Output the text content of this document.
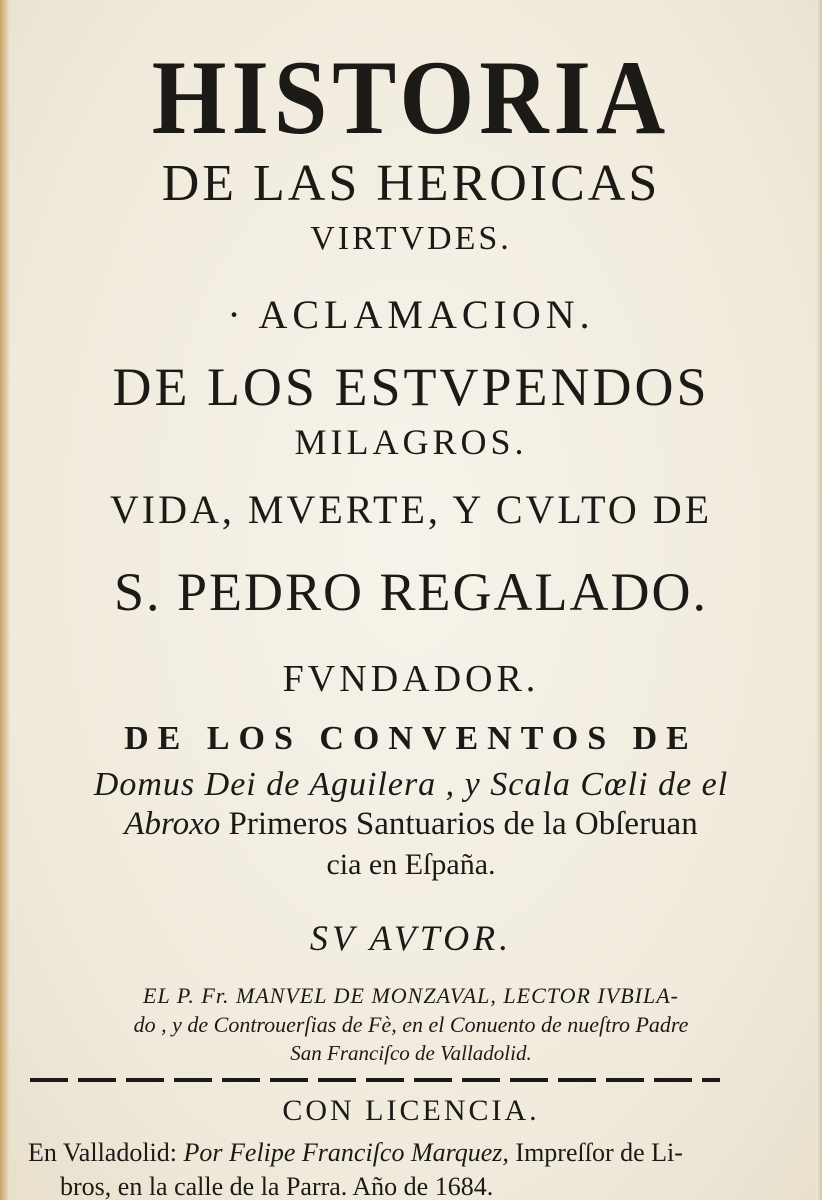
HISTORIA
DE LAS HEROICAS
VIRTVDES.
· ACLAMACION.
DE LOS ESTVPENDOS
MILAGROS.
VIDA, MVERTE, Y CVLTO DE
S. PEDRO REGALADO.
FVNDADOR.
DE LOS CONVENTOS DE
Domus Dei de Aguilera , y Scala Cœli de el
Abroxo Primeros Santuarios de la Obſeruan
cia en Eſpaña.
SV AVTOR.
EL P. Fr. MANVEL DE MONZAVAL, LECTOR IVBILA-
do , y de Controuerſias de Fè, en el Conuento de nueſtro Padre
San Franciſco de Valladolid.
CON LICENCIA.
En Valladolid: Por Felipe Franciſco Marquez, Impreſſor de Li-
bros, en la calle de la Parra. Año de 1684.
